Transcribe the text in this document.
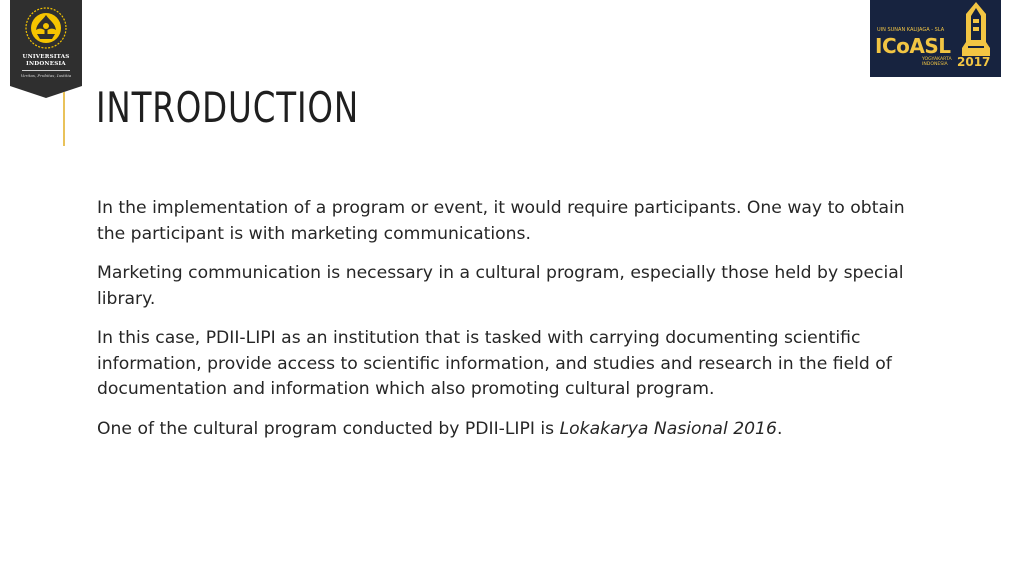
UNIVERSITAS
INDONESIA
Veritas, Probitas, Iustitia
INTRODUCTION
UIN SUNAN KALIJAGA - SLA
ICoASL
YOGYAKARTA
INDONESIA 2017

In the implementation of a program or event, it would require participants. One way to obtain the participant is with marketing communications.

Marketing communication is necessary in a cultural program, especially those held by special library.

In this case, PDII-LIPI as an institution that is tasked with carrying documenting scientific information, provide access to scientific information, and studies and research in the field of documentation and information which also promoting cultural program.

One of the cultural program conducted by PDII-LIPI is Lokakarya Nasional 2016.
